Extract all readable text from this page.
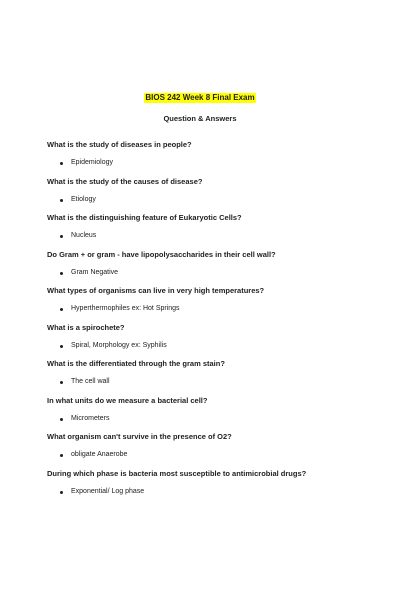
BIOS 242 Week 8 Final Exam
Question & Answers
What is the study of diseases in people?
Epidemiology
What is the study of the causes of disease?
Etiology
What is the distinguishing feature of Eukaryotic Cells?
Nucleus
Do Gram + or gram - have lipopolysaccharides in their cell wall?
Gram Negative
What types of organisms can live in very high temperatures?
Hyperthermophiles ex: Hot Springs
What is a spirochete?
Spiral, Morphology ex: Syphilis
What is the differentiated through the gram stain?
The cell wall
In what units do we measure a bacterial cell?
Micrometers
What organism can't survive in the presence of O2?
obligate Anaerobe
During which phase is bacteria most susceptible to antimicrobial drugs?
Exponential/ Log phase
